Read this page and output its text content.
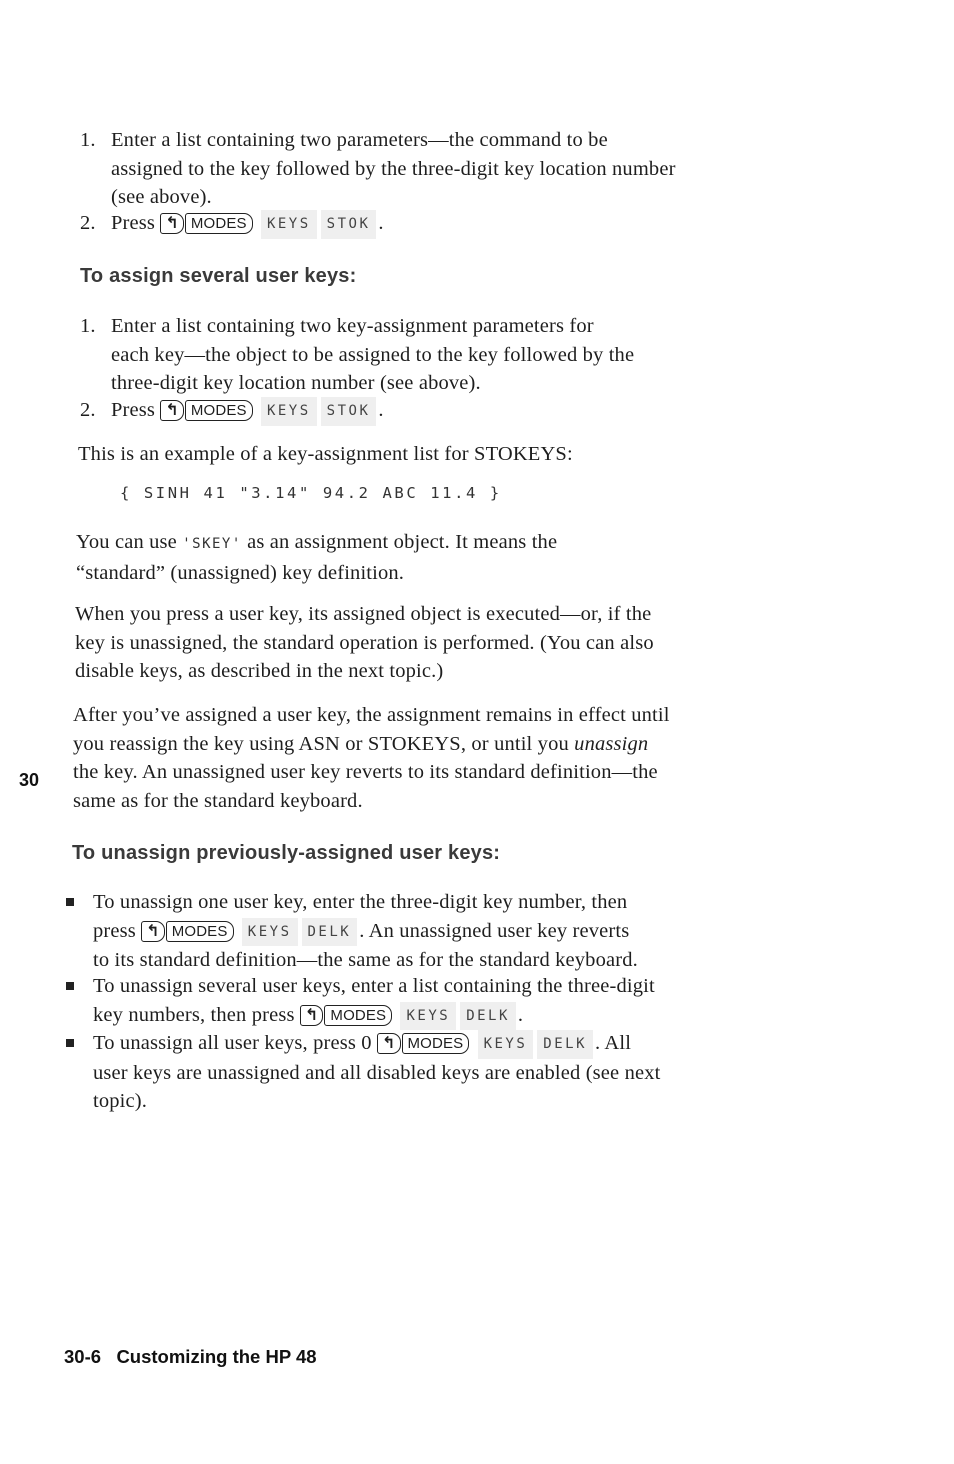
1. Enter a list containing two parameters—the command to be
assigned to the key followed by the three-digit key location number
(see above).
2. Press ↰ MODES KEYS STOK .
To assign several user keys:
1. Enter a list containing two key-assignment parameters for
each key—the object to be assigned to the key followed by the
three-digit key location number (see above).
2. Press ↰ MODES KEYS STOK .
This is an example of a key-assignment list for STOKEYS:
{ SINH 41 "3.14" 94.2 ABC 11.4 }
You can use 'SKEY' as an assignment object. It means the
“standard” (unassigned) key definition.
When you press a user key, its assigned object is executed—or, if the
key is unassigned, the standard operation is performed. (You can also
disable keys, as described in the next topic.)
After you’ve assigned a user key, the assignment remains in effect until
you reassign the key using ASN or STOKEYS, or until you unassign
the key. An unassigned user key reverts to its standard definition—the
same as for the standard keyboard.
30
To unassign previously-assigned user keys:
To unassign one user key, enter the three-digit key number, then
press ↰ MODES KEYS DELK . An unassigned user key reverts
to its standard definition—the same as for the standard keyboard.
To unassign several user keys, enter a list containing the three-digit
key numbers, then press ↰ MODES KEYS DELK .
To unassign all user keys, press 0 ↰ MODES KEYS DELK . All
user keys are unassigned and all disabled keys are enabled (see next
topic).
30-6   Customizing the HP 48
